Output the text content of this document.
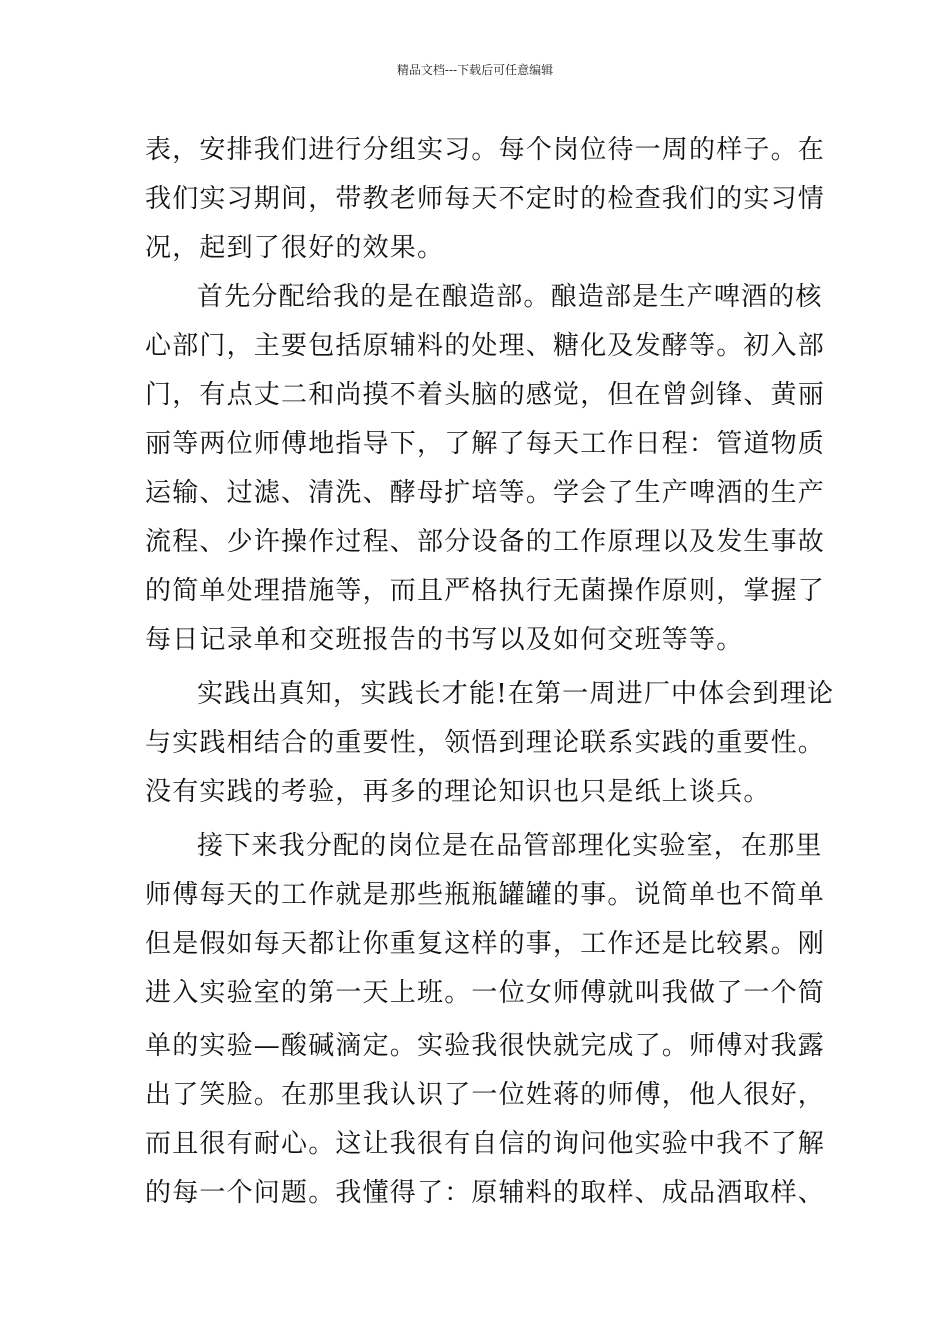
精品文档---下载后可任意编辑
表，安排我们进行分组实习。每个岗位待一周的样子。在
我们实习期间，带教老师每天不定时的检查我们的实习情
况，起到了很好的效果。
首先分配给我的是在酿造部。酿造部是生产啤酒的核
心部门，主要包括原辅料的处理、糖化及发酵等。初入部
门，有点丈二和尚摸不着头脑的感觉，但在曾剑锋、黄丽
丽等两位师傅地指导下，了解了每天工作日程：管道物质
运输、过滤、清洗、酵母扩培等。学会了生产啤酒的生产
流程、少许操作过程、部分设备的工作原理以及发生事故
的简单处理措施等，而且严格执行无菌操作原则，掌握了
每日记录单和交班报告的书写以及如何交班等等。
实践出真知，实践长才能!在第一周进厂中体会到理论
与实践相结合的重要性，领悟到理论联系实践的重要性。
没有实践的考验，再多的理论知识也只是纸上谈兵。
接下来我分配的岗位是在品管部理化实验室，在那里
师傅每天的工作就是那些瓶瓶罐罐的事。说简单也不简单
但是假如每天都让你重复这样的事，工作还是比较累。刚
进入实验室的第一天上班。一位女师傅就叫我做了一个简
单的实验—酸碱滴定。实验我很快就完成了。师傅对我露
出了笑脸。在那里我认识了一位姓蒋的师傅，他人很好，
而且很有耐心。这让我很有自信的询问他实验中我不了解
的每一个问题。我懂得了：原辅料的取样、成品酒取样、
